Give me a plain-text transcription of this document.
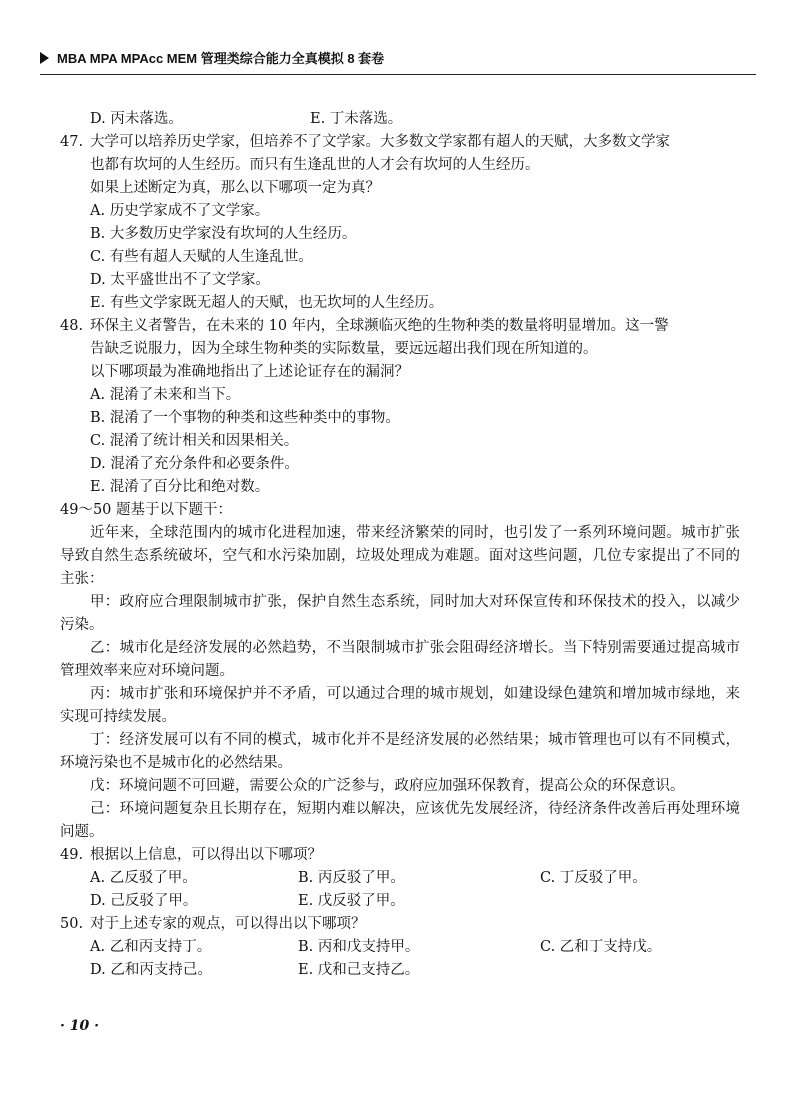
MBA MPA MPAcc MEM 管理类综合能力全真模拟 8 套卷
D. 丙未落选。	E. 丁未落选。
47. 大学可以培养历史学家，但培养不了文学家。大多数文学家都有超人的天赋，大多数文学家
也都有坎坷的人生经历。而只有生逢乱世的人才会有坎坷的人生经历。
如果上述断定为真，那么以下哪项一定为真？
A. 历史学家成不了文学家。
B. 大多数历史学家没有坎坷的人生经历。
C. 有些有超人天赋的人生逢乱世。
D. 太平盛世出不了文学家。
E. 有些文学家既无超人的天赋，也无坎坷的人生经历。
48. 环保主义者警告，在未来的 10 年内，全球濒临灭绝的生物种类的数量将明显增加。这一警
告缺乏说服力，因为全球生物种类的实际数量，要远远超出我们现在所知道的。
以下哪项最为准确地指出了上述论证存在的漏洞？
A. 混淆了未来和当下。
B. 混淆了一个事物的种类和这些种类中的事物。
C. 混淆了统计相关和因果相关。
D. 混淆了充分条件和必要条件。
E. 混淆了百分比和绝对数。
49～50 题基于以下题干：
近年来，全球范围内的城市化进程加速，带来经济繁荣的同时，也引发了一系列环境问题。城市扩张导致自然生态系统破坏，空气和水污染加剧，垃圾处理成为难题。面对这些问题，几位专家提出了不同的主张：
甲：政府应合理限制城市扩张，保护自然生态系统，同时加大对环保宣传和环保技术的投入，以减少污染。
乙：城市化是经济发展的必然趋势，不当限制城市扩张会阻碍经济增长。当下特别需要通过提高城市管理效率来应对环境问题。
丙：城市扩张和环境保护并不矛盾，可以通过合理的城市规划，如建设绿色建筑和增加城市绿地，来实现可持续发展。
丁：经济发展可以有不同的模式，城市化并不是经济发展的必然结果；城市管理也可以有不同模式，环境污染也不是城市化的必然结果。
戊：环境问题不可回避，需要公众的广泛参与，政府应加强环保教育，提高公众的环保意识。
己：环境问题复杂且长期存在，短期内难以解决，应该优先发展经济，待经济条件改善后再处理环境问题。
49. 根据以上信息，可以得出以下哪项？
A. 乙反驳了甲。	B. 丙反驳了甲。	C. 丁反驳了甲。
D. 己反驳了甲。	E. 戊反驳了甲。
50. 对于上述专家的观点，可以得出以下哪项？
A. 乙和丙支持丁。	B. 丙和戊支持甲。	C. 乙和丁支持戊。
D. 乙和丙支持己。	E. 戊和己支持乙。
· 10 ·
